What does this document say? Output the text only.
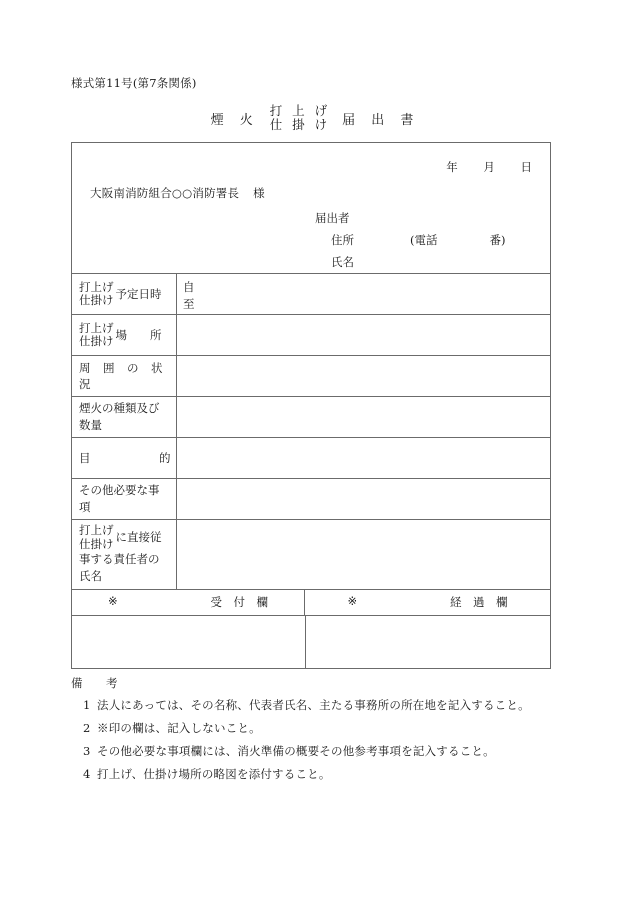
様式第11号(第7条関係)
煙 火
打 上 げ
仕 掛 け 届 出 書
年 月 日
大阪南消防組合○○消防署長 様
届出者
住所	(電話	番)
氏名
打上げ
仕掛け 予定日時 自
至
打上げ
仕掛け 場　　所
周　囲　の　状　況
煙火の種類及び
数量
目	的
その他必要な事
項
打上げ
仕掛け に直接従
事する責任者の
氏名
※	受　付　欄	※	経　過　欄
備　考
1 法人にあっては、その名称、代表者氏名、主たる事務所の所在地を記入すること。
2 ※印の欄は、記入しないこと。
3 その他必要な事項欄には、消火準備の概要その他参考事項を記入すること。
4 打上げ、仕掛け場所の略図を添付すること。
